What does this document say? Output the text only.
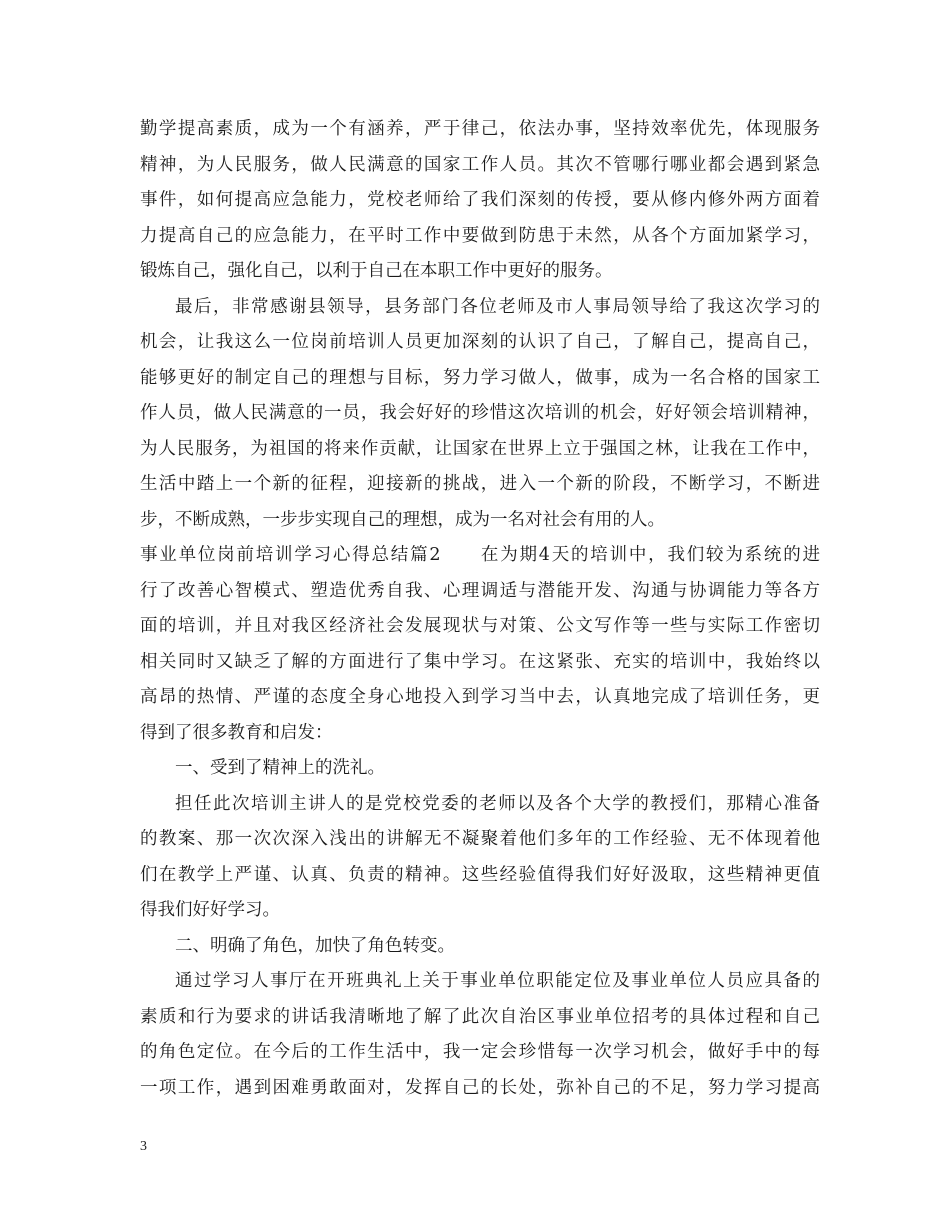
勤学提高素质，成为一个有涵养，严于律己，依法办事，坚持效率优先，体现服务
精神，为人民服务，做人民满意的国家工作人员。其次不管哪行哪业都会遇到紧急
事件，如何提高应急能力，党校老师给了我们深刻的传授，要从修内修外两方面着
力提高自己的应急能力，在平时工作中要做到防患于未然，从各个方面加紧学习，
锻炼自己，强化自己，以利于自己在本职工作中更好的服务。
最后，非常感谢县领导，县务部门各位老师及市人事局领导给了我这次学习的
机会，让我这么一位岗前培训人员更加深刻的认识了自己，了解自己，提高自己，
能够更好的制定自己的理想与目标，努力学习做人，做事，成为一名合格的国家工
作人员，做人民满意的一员，我会好好的珍惜这次培训的机会，好好领会培训精神，
为人民服务，为祖国的将来作贡献，让国家在世界上立于强国之林，让我在工作中，
生活中踏上一个新的征程，迎接新的挑战，进入一个新的阶段，不断学习，不断进
步，不断成熟，一步步实现自己的理想，成为一名对社会有用的人。
事业单位岗前培训学习心得总结篇2　　在为期4天的培训中，我们较为系统的进
行了改善心智模式、塑造优秀自我、心理调适与潜能开发、沟通与协调能力等各方
面的培训，并且对我区经济社会发展现状与对策、公文写作等一些与实际工作密切
相关同时又缺乏了解的方面进行了集中学习。在这紧张、充实的培训中，我始终以
高昂的热情、严谨的态度全身心地投入到学习当中去，认真地完成了培训任务，更
得到了很多教育和启发：
一、受到了精神上的洗礼。
担任此次培训主讲人的是党校党委的老师以及各个大学的教授们，那精心准备
的教案、那一次次深入浅出的讲解无不凝聚着他们多年的工作经验、无不体现着他
们在教学上严谨、认真、负责的精神。这些经验值得我们好好汲取，这些精神更值
得我们好好学习。
二、明确了角色，加快了角色转变。
通过学习人事厅在开班典礼上关于事业单位职能定位及事业单位人员应具备的
素质和行为要求的讲话我清晰地了解了此次自治区事业单位招考的具体过程和自己
的角色定位。在今后的工作生活中，我一定会珍惜每一次学习机会，做好手中的每
一项工作，遇到困难勇敢面对，发挥自己的长处，弥补自己的不足，努力学习提高
3
